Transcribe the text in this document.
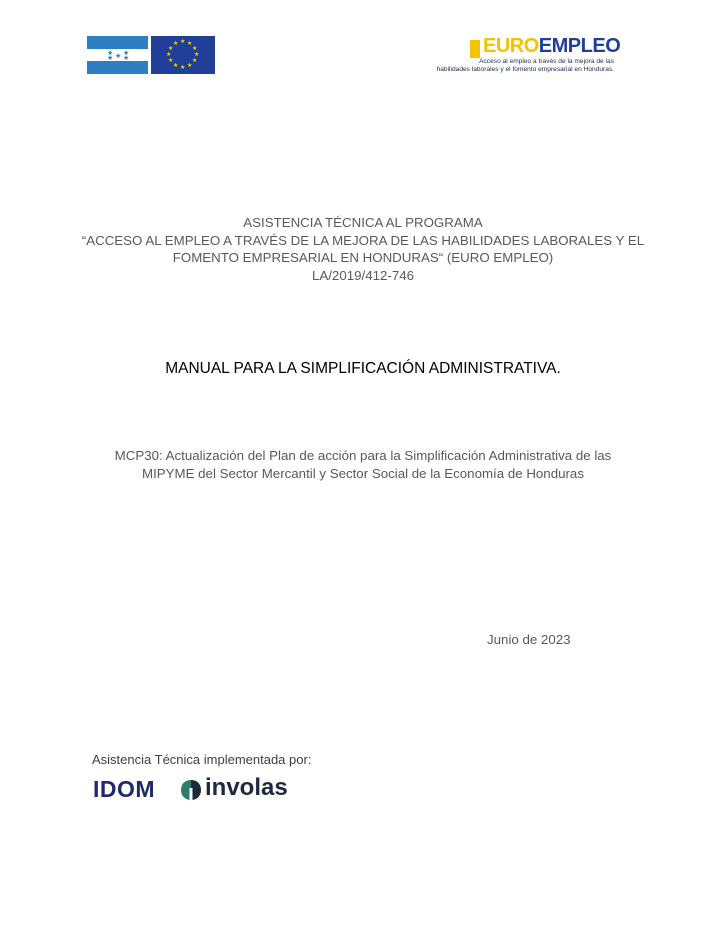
★ ★
★
★ ★
★ ★
★
★
★
★
★
★
★
★
★
★	EUROEMPLEO
Acceso al empleo a través de la mejora de las
habilidades laborales y el fomento empresarial en Honduras.
ASISTENCIA TÉCNICA AL PROGRAMA
“ACCESO AL EMPLEO A TRAVÉS DE LA MEJORA DE LAS HABILIDADES LABORALES Y EL
FOMENTO EMPRESARIAL EN HONDURAS“ (EURO EMPLEO)
LA/2019/412-746
MANUAL PARA LA SIMPLIFICACIÓN ADMINISTRATIVA.
MCP30: Actualización del Plan de acción para la Simplificación Administrativa de las
MIPYME del Sector Mercantil y Sector Social de la Economía de Honduras
Junio de 2023
Asistencia Técnica implementada por:
IDOM involas
